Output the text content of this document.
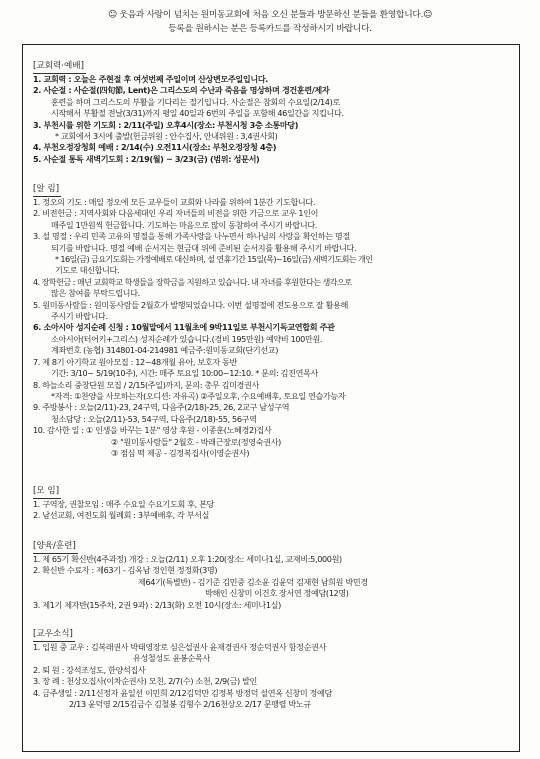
☺ 웃음과 사랑이 넘치는 원미동교회에 처음 오신 분들과 방문하신 분들을 환영합니다.☺
등록을 원하시는 분은 등록카드를 작성하시기 바랍니다.
[교회력·예배]
1. 교회력 : 오늘은 주현절 후 여섯번째 주일이며 산상변모주일입니다.
2. 사순절 : 사순절(四旬節, Lent)은 그리스도의 수난과 죽음을 명상하며 경건훈련/제자
훈련을 하며 그리스도의 부활을 기다리는 절기입니다. 사순절은 참회의 수요일(2/14)로
시작해서 부활절 전날(3/31)까지 평일 40일과 6번의 주일을 포함해 46일간을 지킵니다.
3. 부천시를 위한 기도회 : 2/11(주일) 오후4시(장소: 부천시청 3층 소통마당)
* 교회에서 3시에 출발(헌금위원 : 안수집사, 안내위원 : 3,4권사회)
4. 부천오정장청회 예배 : 2/14(수) 오전11시(장소: 부천오정장청 4층)
5. 사순절 통독 새벽기도회 : 2/19(월) ~ 3/23(금) (범위: 성문서)
[알 림]
1. 정오의 기도 : 매일 정오에 모든 교우들이 교회와 나라를 위하여 1분간 기도합니다.
2. 비전헌금 : 지역사회와 다음세대인 우리 자녀들의 비전을 위한 기금으로 교우 1인이
매주일 1만원씩 헌금합니다. 기도하는 마음으로 많이 동참하여 주시기 바랍니다.
3. 설 명절 : 우리 민족 고유의 명절을 통해 가족사랑을 나누면서 하나님의 사랑을 확인하는 명절
되기를 바랍니다. 명절 예배 순서지는 현금대 위에 준비된 순서지를 활용해 주시기 바랍니다.
* 16일(금) 금요기도회는 가정예배로 대신하며, 설 연휴기간 15일(목)~16일(금) 새벽기도회는 개인
기도로 대신합니다.
4. 장학헌금 : 매년 교회학교 학생들을 장학금을 지원하고 있습니다. 내 자녀를 후원한다는 생각으로
많은 참여를 부탁드립니다.
5. 원미동사람들 : 원미동사람들 2월호가 발행되었습니다. 이번 설명절에 전도용으로 잘 활용해
주시기 바랍니다.
6. 소아시아 성지순례 신청 : 10월말에서 11월초에 9박11일로 부천시기독교연합회 주관
소아시아(터어키+그리스) 성지순례가 있습니다.(경비 195만원) 예약비 100만원.
계좌번호 (농협) 314801-04-214981 예금주:원미동교회(단기선교)
7. 제 8기 아기학교 원아모집 : 12~48개월 유아, 보호자 동반
기간: 3/10~ 5/19(10주), 시간: 매주 토요일 10:00~12:10. * 문의: 김진연목사
8. 하늘소리 중창단원 모집 / 2/15(주일)까지, 문의: 총무 김미경권사
*자격: ①찬양을 사모하는자(오디션: 자유곡) ②주일오후, 수요예배후, 토요일 연습가능자
9. 주방봉사 : 오늘(2/11)-23, 24구역, 다음주(2/18)-25, 26, 2교구 남성구역
청소담당 : 오늘(2/11)-53, 54구역, 다음주(2/18)-55, 56구역
10. 감사한 일 : ① 인생을 바꾸는 1분" 영상 후원 - 이종훈(노혜경2)집사
② "원미동사람들" 2월호 - 박래근장로(정영숙권사)
③ 점심 떡 제공 - 김정복집사(이영순권사)
[모 임]
1. 구역장, 권찰모임 : 매주 수요일 수요기도회 후, 본당
2. 남선교회, 여전도회 월례회 : 3부예배후, 각 부서실
[양육/훈련]
1. 제 65기 확신반(4주과정) 개강 : 오늘(2/11) 오후 1:20(장소: 세미나1실, 교재비:5,000원)
2. 확신반 수료자 : 제63기 - 김옥남 정인현 정정화(3명)
제64기(특별반) - 김기준 김민중 김소윤 김윤덕 김재현 남희원 박민경
박해인 신창미 이건호 장서연 정예담(12명)
3. 제1기 제자반(15주차, 2권 9과) : 2/13(화) 오전 10시(장소: 세미나1실)
[교우소식]
1. 입원 중 교우 : 김복래권사 박태영장로 심은섭권사 윤재경권사 정순덕권사 함정순권사
유성철성도 윤봉순목사
2. 퇴 원 : 강석조성도, 한양석집사
3. 장 례 : 천상오집사(이차순권사) 모친, 2/7(수) 소천, 2/9(금) 발인
4. 금주생일 : 2/11신정자 윤일선 이민희 2/12김덕만 김정복 방정덕 설연옥 신창미 정예담
2/13 윤덕영 2/15김금수 김철봉 김형수 2/16천상오 2/17 문맹렬 박노규
